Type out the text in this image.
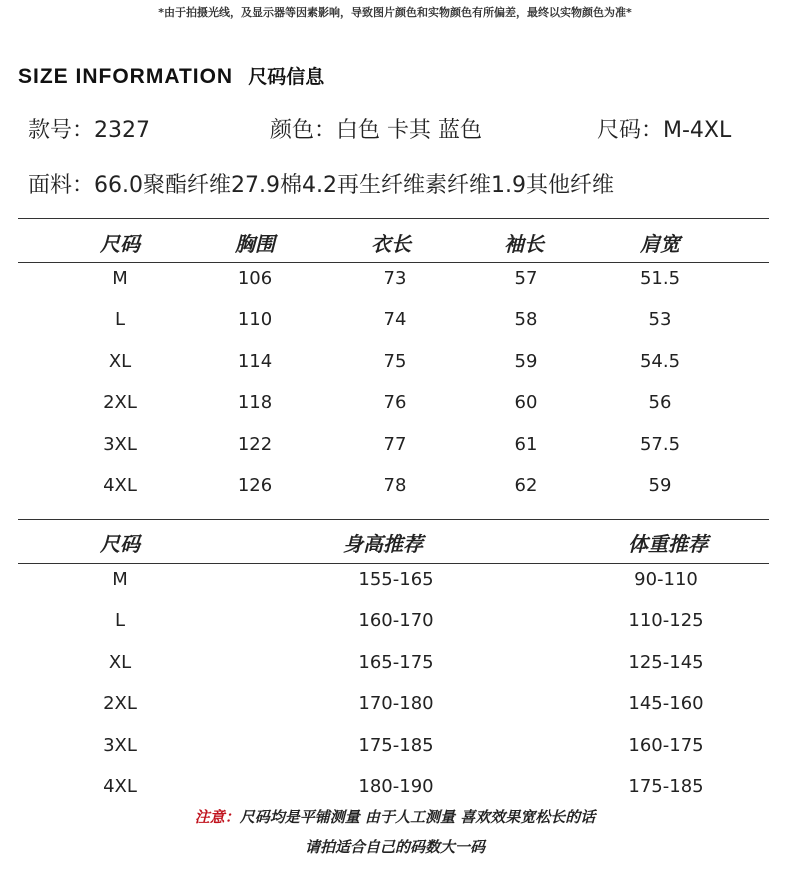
*由于拍摄光线，及显示器等因素影响，导致图片颜色和实物颜色有所偏差，最终以实物颜色为准*
SIZE INFORMATION 尺码信息
款号：2327	颜色：白色 卡其 蓝色	尺码：M-4XL
面料：66.0聚酯纤维27.9棉4.2再生纤维素纤维1.9其他纤维
尺码	胸围	衣长	袖长	肩宽
M	106	73	57	51.5
L	110	74	58	53
XL	114	75	59	54.5
2XL	118	76	60	56
3XL	122	77	61	57.5
4XL	126	78	62	59
尺码	身高推荐	体重推荐
M	155-165	90-110
L	160-170	110-125
XL	165-175	125-145
2XL	170-180	145-160
3XL	175-185	160-175
4XL	180-190	175-185
注意：尺码均是平铺测量 由于人工测量 喜欢效果宽松长的话
请拍适合自己的码数大一码
